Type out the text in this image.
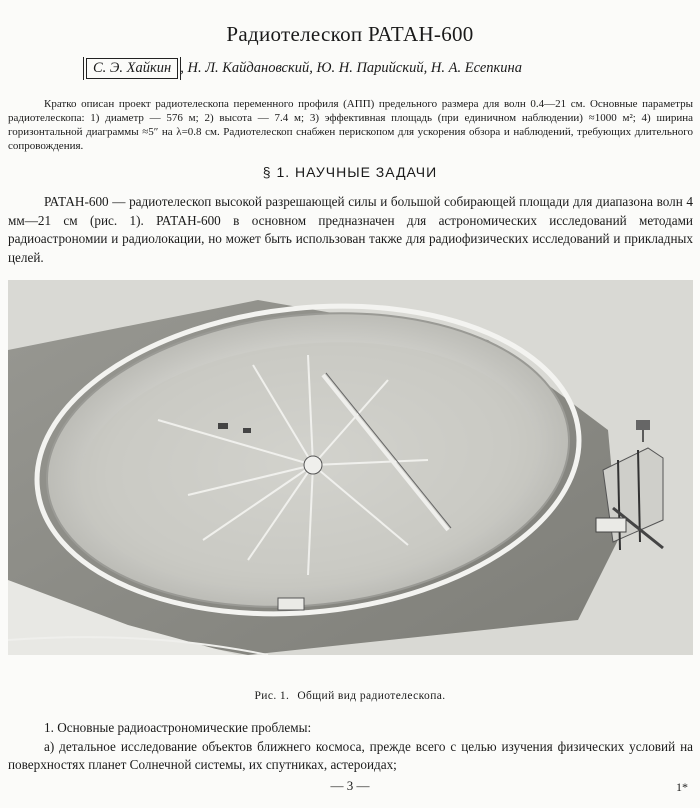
Радиотелескоп РАТАН-600
С. Э. Хайкин , Н. Л. Кайдановский, Ю. Н. Парийский, Н. А. Есепкина
Кратко описан проект радиотелескопа переменного профиля (АПП) предельного размера для волн 0.4—21 см. Основные параметры радиотелескопа: 1) диаметр — 576 м; 2) высота — 7.4 м; 3) эффективная площадь (при единичном наблюдении) ≈1000 м²; 4) ширина горизонтальной диаграммы ≈5″ на λ=0.8 см. Радиотелескоп снабжен перископом для ускорения обзора и наблюдений, требующих длительного сопровождения.
§ 1. НАУЧНЫЕ ЗАДАЧИ
РАТАН-600 — радиотелескоп высокой разрешающей силы и большой собирающей площади для диапазона волн 4 мм—21 см (рис. 1). РАТАН-600 в основном предназначен для астрономических исследований методами радиоастрономии и радиолокации, но может быть использован также для радиофизических исследований и прикладных целей.
Рис. 1. Общий вид радиотелескопа.
1. Основные радиоастрономические проблемы:
а) детальное исследование объектов ближнего космоса, прежде всего с целью изучения физических условий на поверхностях планет Солнечной системы, их спутниках, астероидах;
— 3 —	1*
